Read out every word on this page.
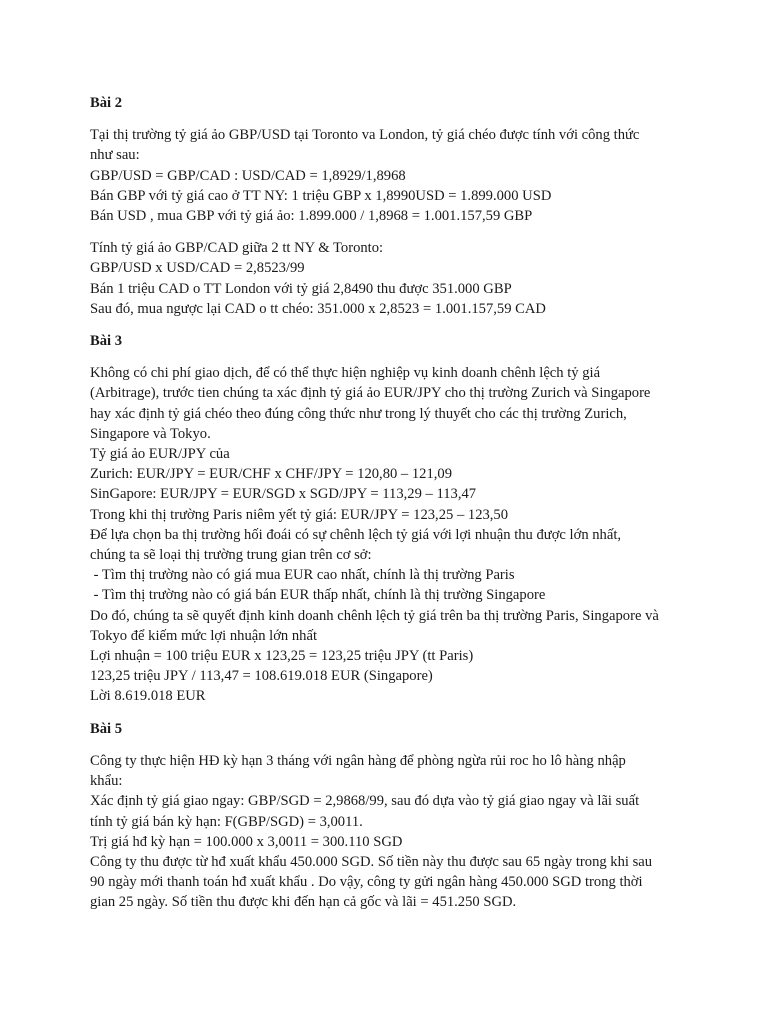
Bài 2
Tại thị trường tỷ giá ảo GBP/USD tại Toronto va London, tỷ giá chéo được tính với công thức
như sau:
GBP/USD = GBP/CAD : USD/CAD = 1,8929/1,8968
Bán GBP với tỷ giá cao ở TT NY: 1 triệu GBP x 1,8990USD = 1.899.000 USD
Bán USD , mua GBP với tỷ giá ảo: 1.899.000 / 1,8968 = 1.001.157,59 GBP
Tính tỷ giá ảo GBP/CAD giữa 2 tt NY & Toronto:
GBP/USD x USD/CAD = 2,8523/99
Bán 1 triệu CAD o TT London với tỷ giá 2,8490 thu được 351.000 GBP
Sau đó, mua ngược lại CAD o tt chéo: 351.000 x 2,8523 = 1.001.157,59 CAD
Bài 3
Không có chi phí giao dịch, để có thể thực hiện nghiệp vụ kinh doanh chênh lệch tỷ giá
(Arbitrage), trước tien chúng ta xác định tỷ giá ảo EUR/JPY cho thị trường Zurich và Singapore
hay xác định tỷ giá chéo theo đúng công thức như trong lý thuyết cho các thị trường Zurich,
Singapore và Tokyo.
Tỷ giá ảo EUR/JPY của
Zurich: EUR/JPY = EUR/CHF x CHF/JPY = 120,80 – 121,09
SinGapore: EUR/JPY = EUR/SGD x SGD/JPY = 113,29 – 113,47
Trong khi thị trường Paris niêm yết tỷ giá: EUR/JPY = 123,25 – 123,50
Để lựa chọn ba thị trường hối đoái có sự chênh lệch tỷ giá với lợi nhuận thu được lớn nhất,
chúng ta sẽ loại thị trường trung gian trên cơ sở:
- Tìm thị trường nào có giá mua EUR cao nhất, chính là thị trường Paris
- Tìm thị trường nào có giá bán EUR thấp nhất, chính là thị trường Singapore
Do đó, chúng ta sẽ quyết định kinh doanh chênh lệch tỷ giá trên ba thị trường Paris, Singapore và
Tokyo để kiếm mức lợi nhuận lớn nhất
Lợi nhuận = 100 triệu EUR x 123,25 = 123,25 triệu JPY (tt Paris)
123,25 triệu JPY / 113,47 = 108.619.018 EUR (Singapore)
Lời 8.619.018 EUR
Bài 5
Công ty thực hiện HĐ kỳ hạn 3 tháng với ngân hàng để phòng ngừa rủi roc ho lô hàng nhập
khẩu:
Xác định tỷ giá giao ngay: GBP/SGD = 2,9868/99, sau đó dựa vào tỷ giá giao ngay và lãi suất
tính tỷ giá bán kỳ hạn: F(GBP/SGD) = 3,0011.
Trị giá hđ kỳ hạn = 100.000 x 3,0011 = 300.110 SGD
Công ty thu được từ hđ xuất khẩu 450.000 SGD. Số tiền này thu được sau 65 ngày trong khi sau
90 ngày mới thanh toán hđ xuất khẩu . Do vậy, công ty gửi ngân hàng 450.000 SGD trong thời
gian 25 ngày. Số tiền thu được khi đến hạn cả gốc và lãi = 451.250 SGD.
